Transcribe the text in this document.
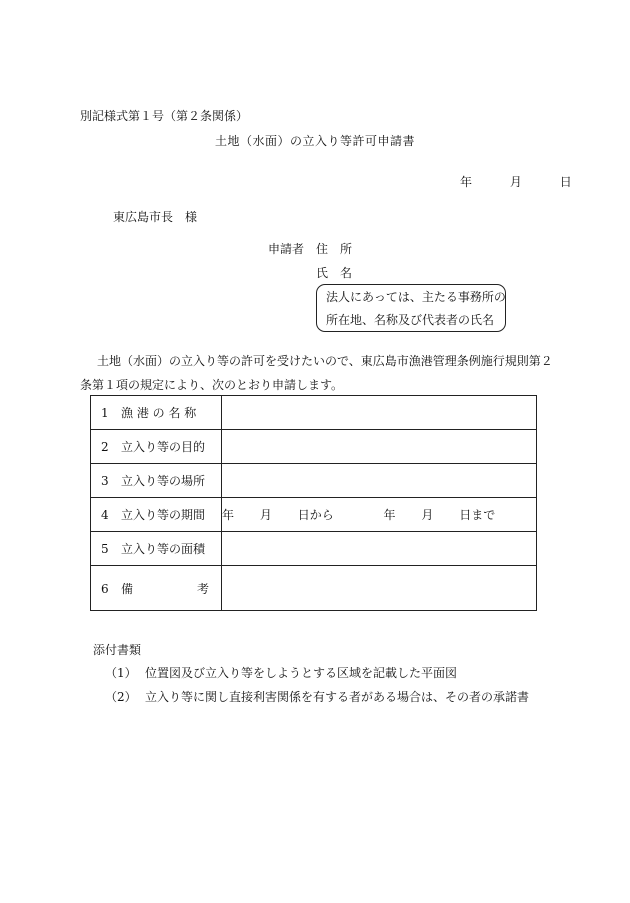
別記様式第１号（第２条関係）
土地（水面）の立入り等許可申請書
年	月	日
東広島市長　様
申請者 住　所
氏　名
法人にあっては、主たる事務所の
所在地、名称及び代表者の氏名
土地（水面）の立入り等の許可を受けたいので、東広島市漁港管理条例施行規則第２
条第１項の規定により、次のとおり申請します。
1 漁 港 の 名 称	
2 立入り等の目的	
3 立入り等の場所	
4 立入り等の期間	年 月 日から 年 月 日まで
5 立入り等の面積	
6 備 考	
添付書類
（1） 位置図及び立入り等をしようとする区域を記載した平面図
（2） 立入り等に関し直接利害関係を有する者がある場合は、その者の承諾書
